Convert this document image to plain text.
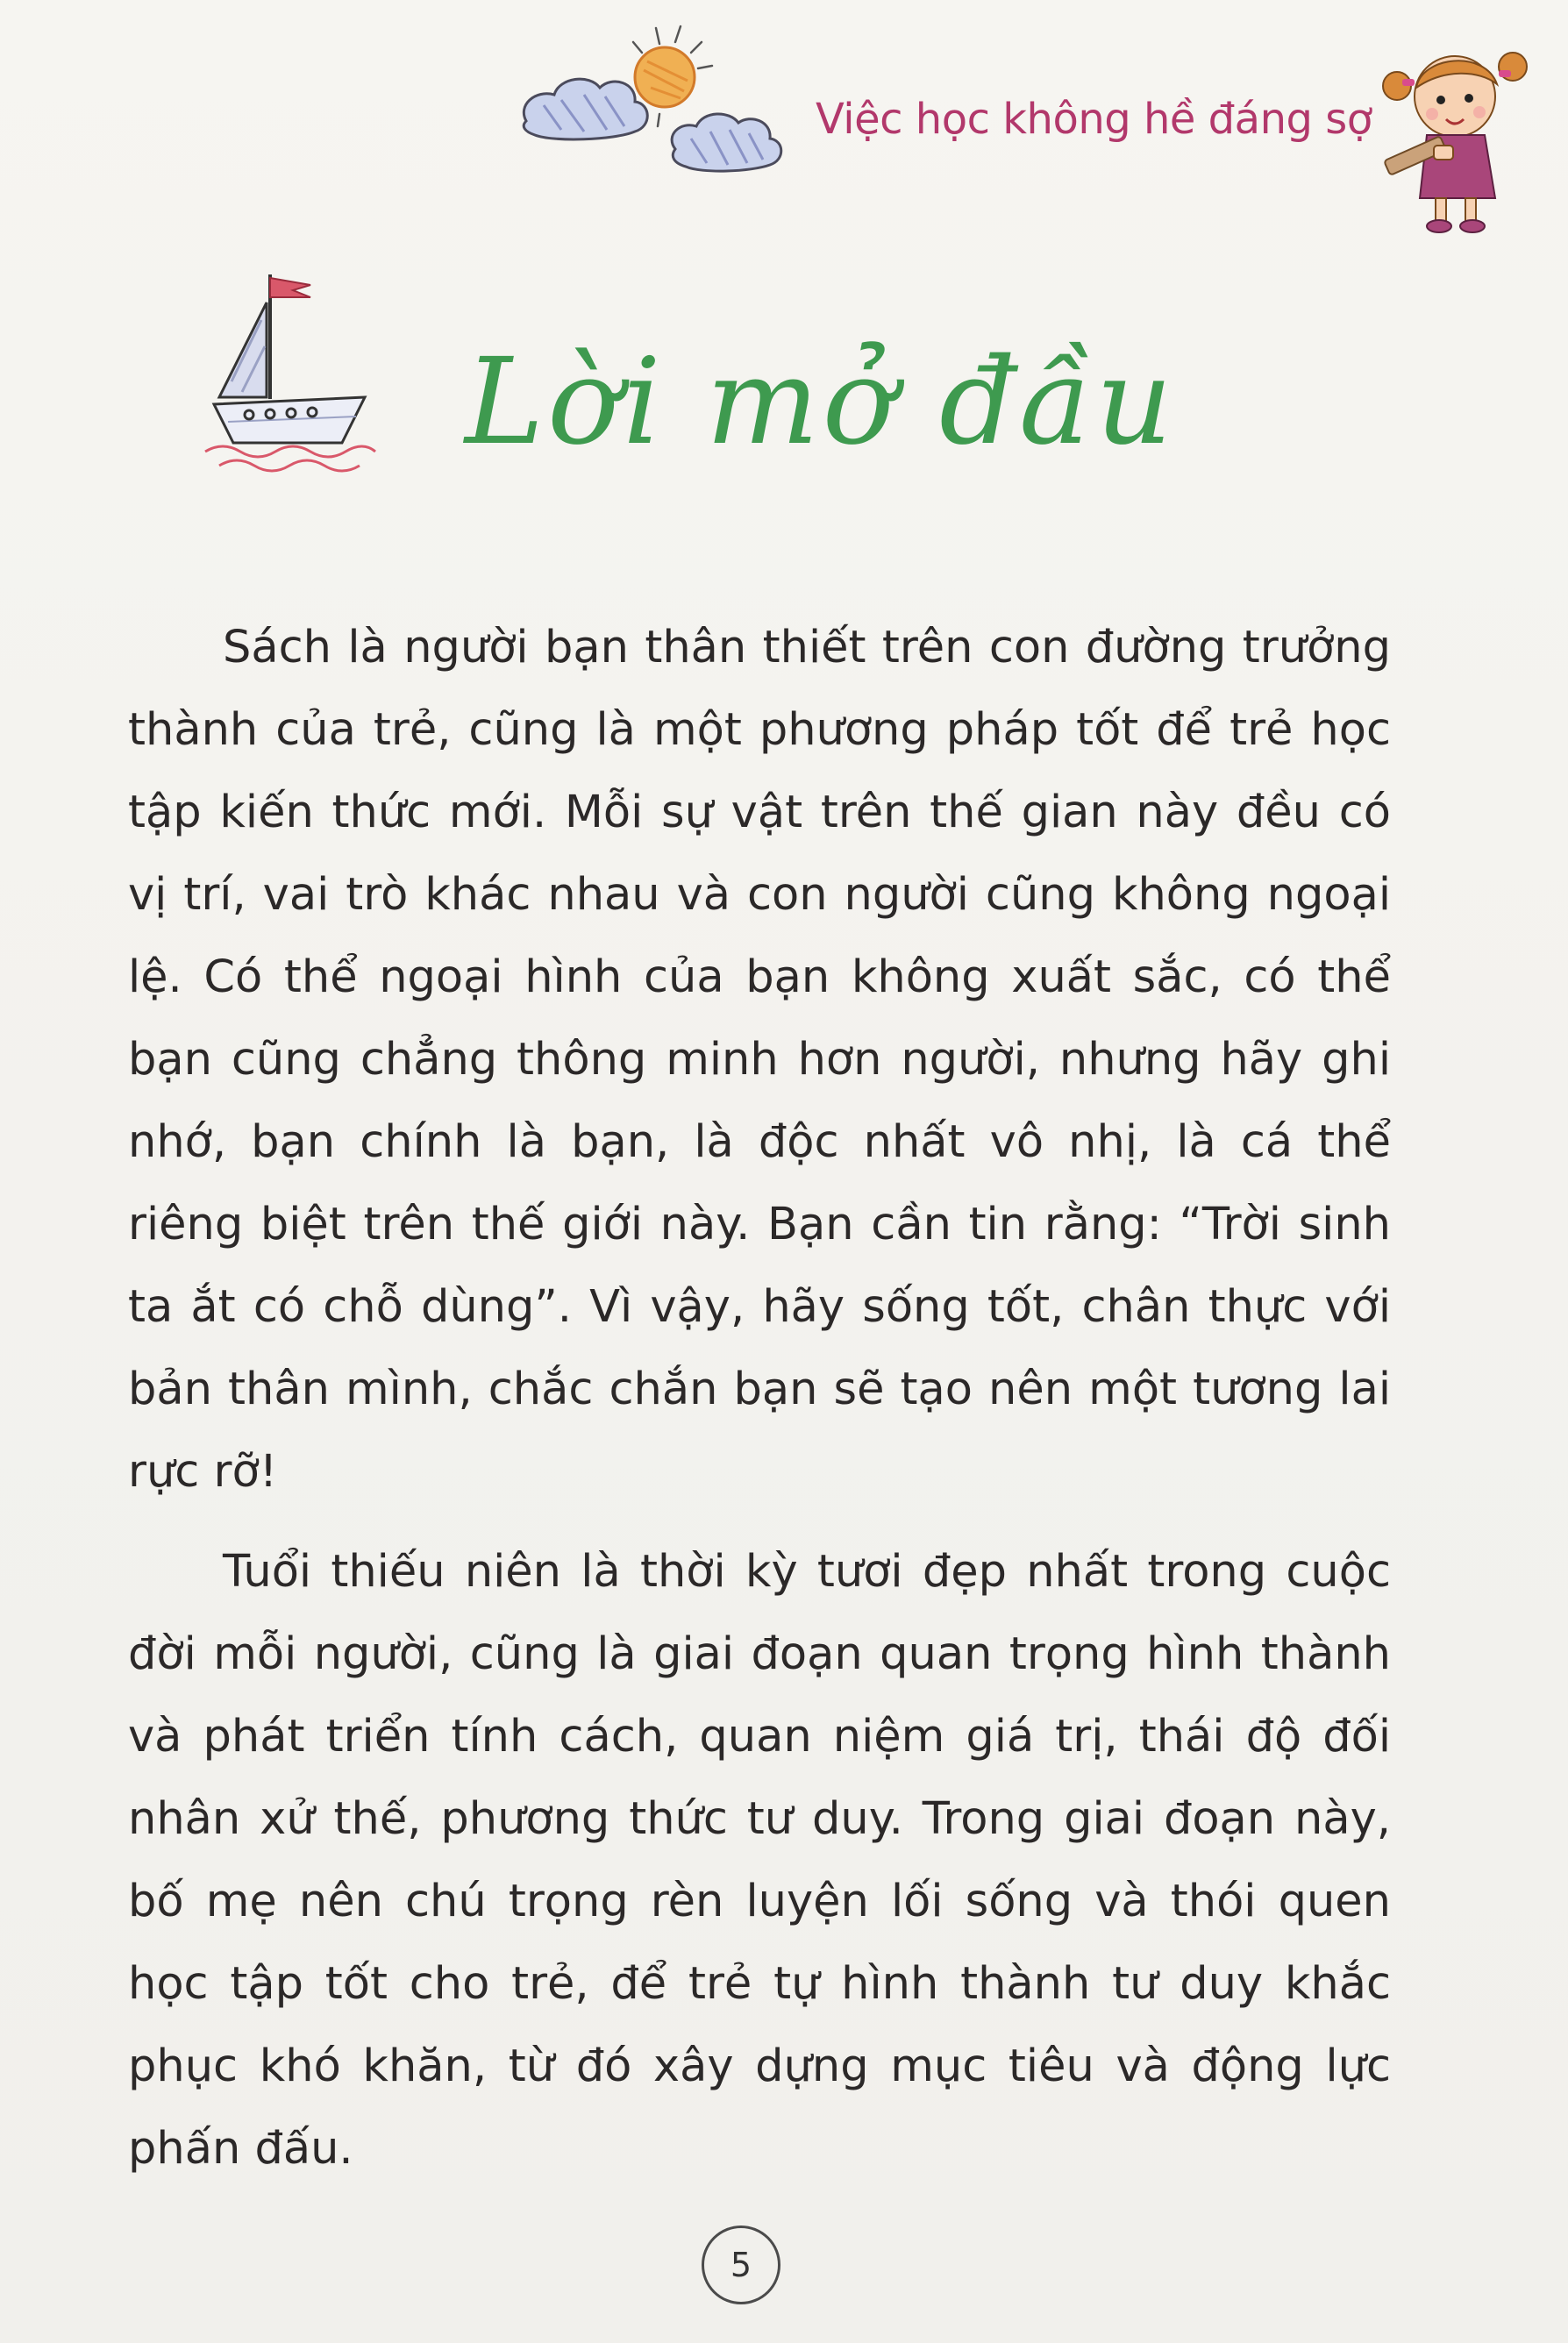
Việc học không hề đáng sợ
Lời mở đầu

Sách là người bạn thân thiết trên con đường trưởng thành của trẻ, cũng là một phương pháp tốt để trẻ học tập kiến thức mới. Mỗi sự vật trên thế gian này đều có vị trí, vai trò khác nhau và con người cũng không ngoại lệ. Có thể ngoại hình của bạn không xuất sắc, có thể bạn cũng chẳng thông minh hơn người, nhưng hãy ghi nhớ, bạn chính là bạn, là độc nhất vô nhị, là cá thể riêng biệt trên thế giới này. Bạn cần tin rằng: “Trời sinh ta ắt có chỗ dùng”. Vì vậy, hãy sống tốt, chân thực với bản thân mình, chắc chắn bạn sẽ tạo nên một tương lai rực rỡ!

Tuổi thiếu niên là thời kỳ tươi đẹp nhất trong cuộc đời mỗi người, cũng là giai đoạn quan trọng hình thành và phát triển tính cách, quan niệm giá trị, thái độ đối nhân xử thế, phương thức tư duy. Trong giai đoạn này, bố mẹ nên chú trọng rèn luyện lối sống và thói quen học tập tốt cho trẻ, để trẻ tự hình thành tư duy khắc phục khó khăn, từ đó xây dựng mục tiêu và động lực phấn đấu.

5
